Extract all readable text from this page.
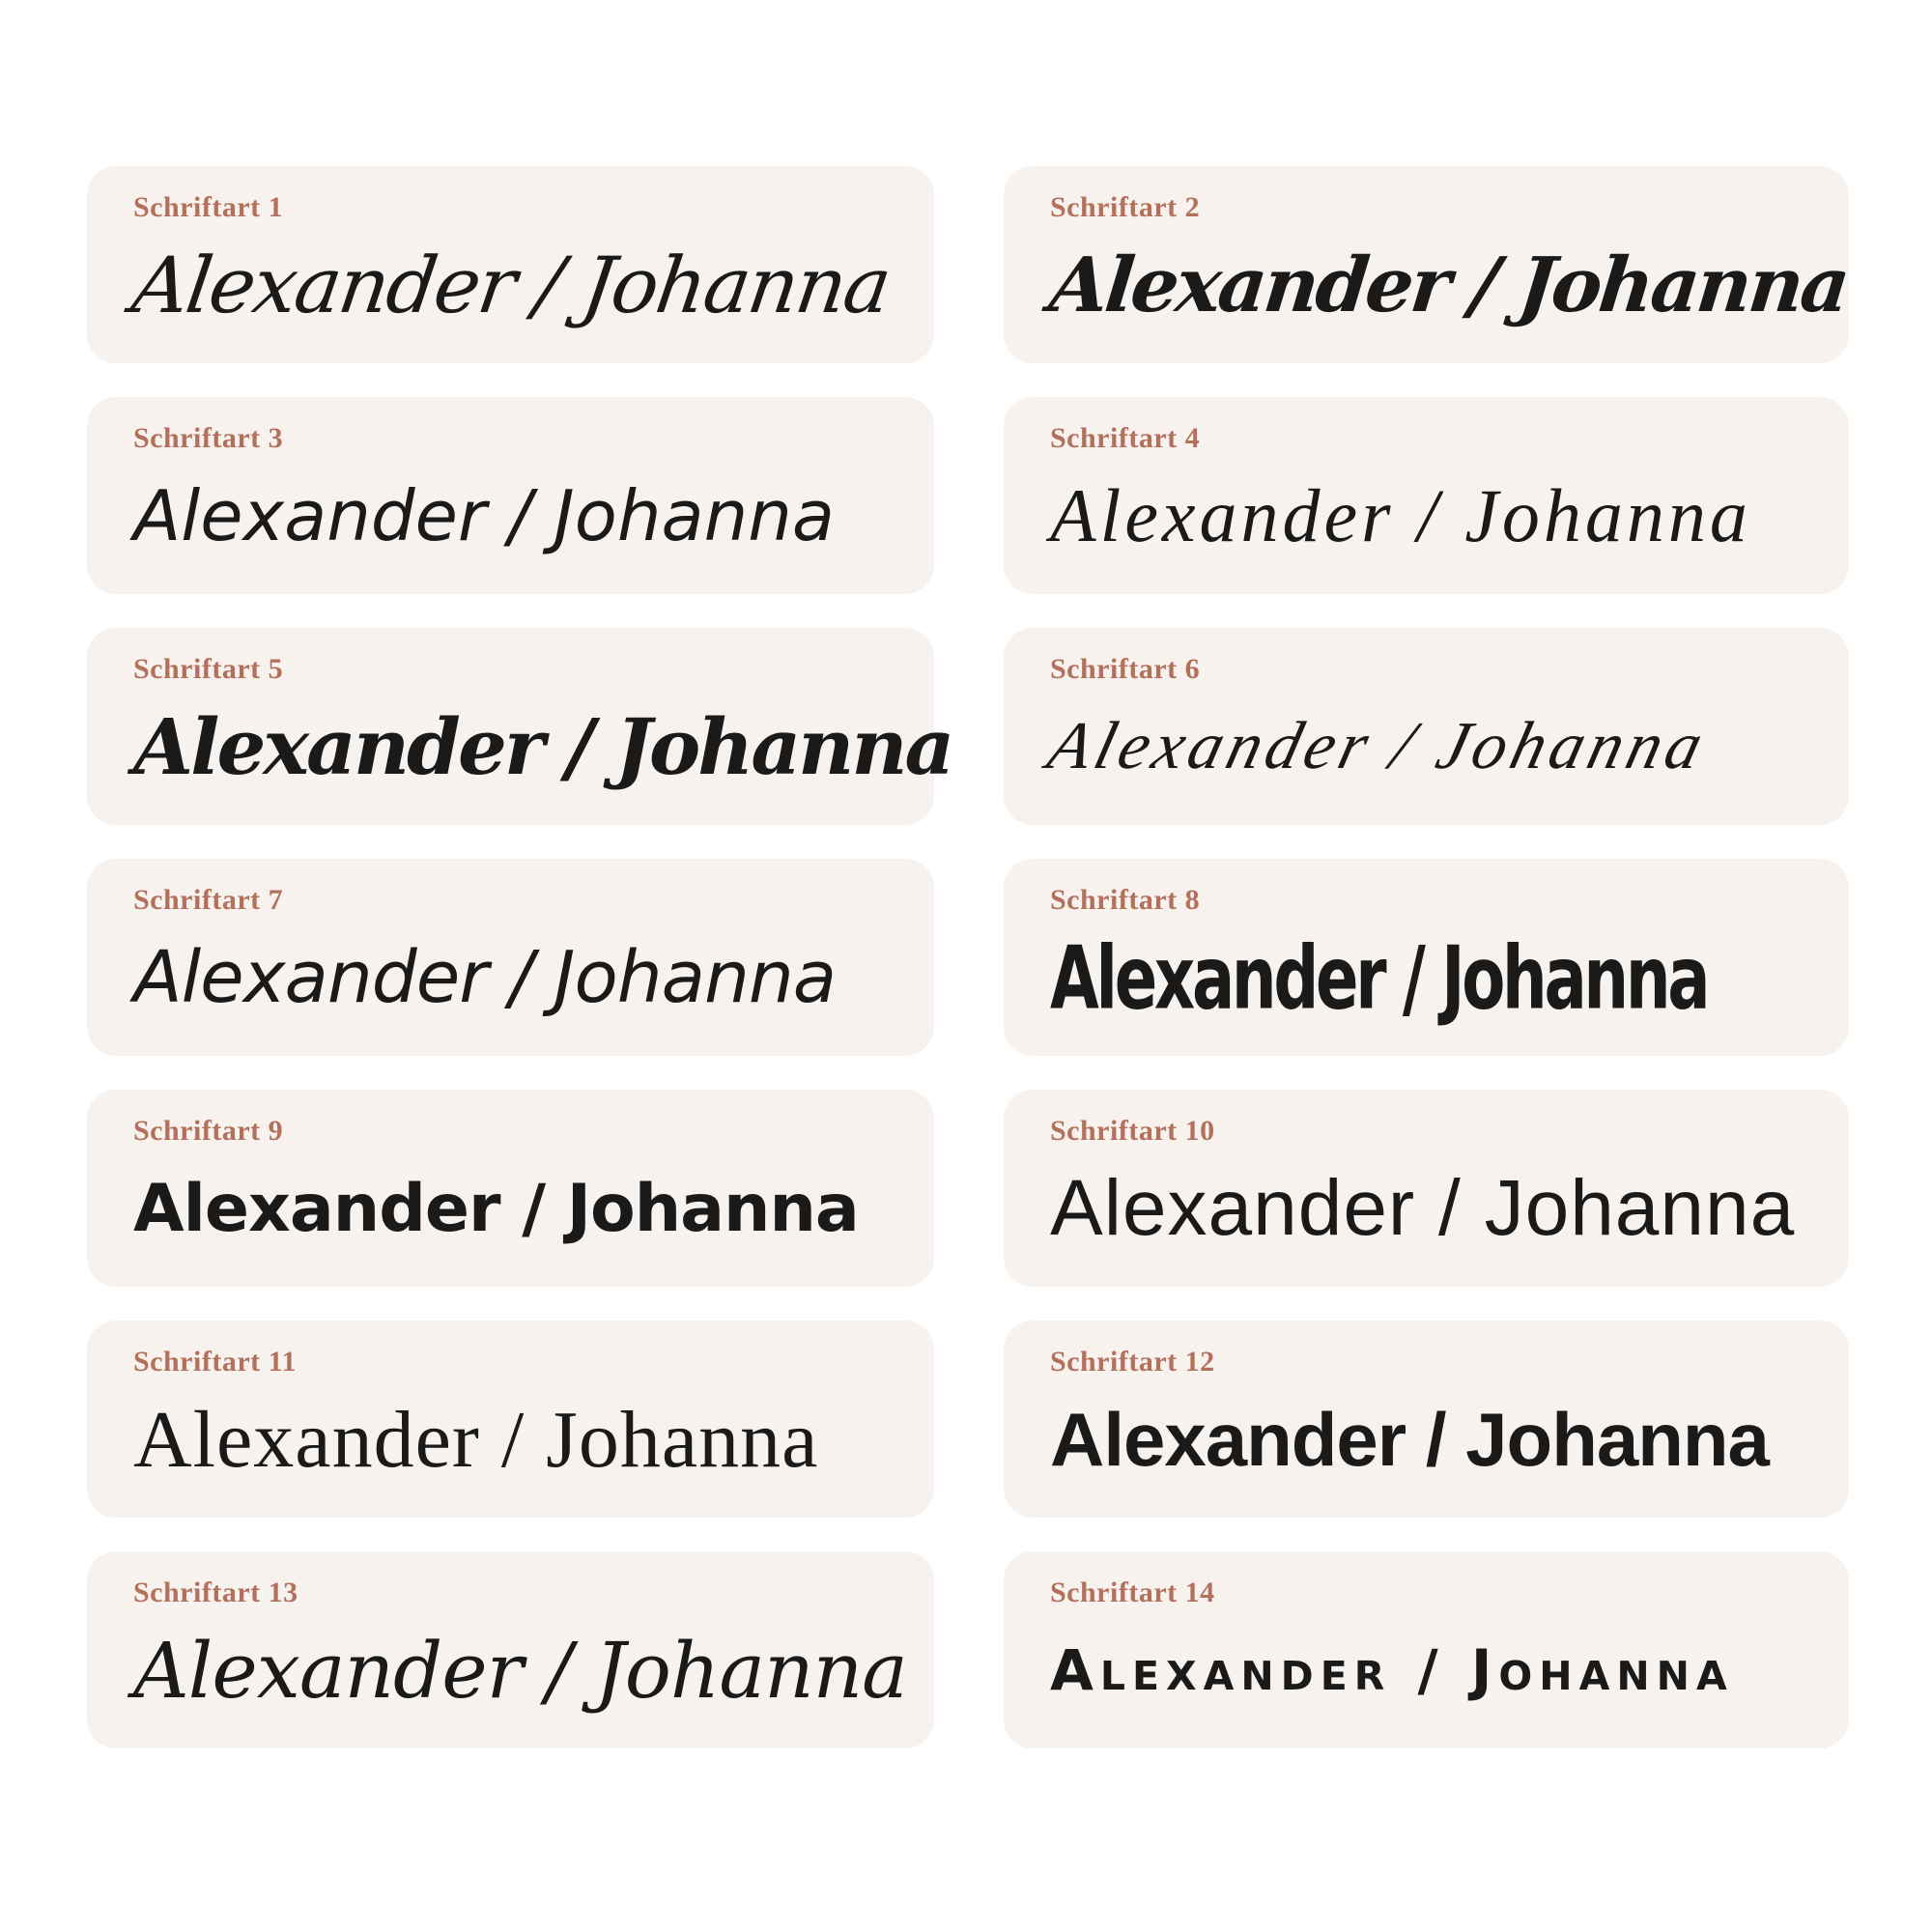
Schriftart 1
Alexander / Johanna
Schriftart 2
Alexander / Johanna
Schriftart 3
Alexander / Johanna
Schriftart 4
Alexander / Johanna
Schriftart 5
Alexander / Johanna
Schriftart 6
Alexander / Johanna
Schriftart 7
Alexander / Johanna
Schriftart 8
Alexander / Johanna
Schriftart 9
Alexander / Johanna
Schriftart 10
Alexander / Johanna
Schriftart 11
Alexander / Johanna
Schriftart 12
Alexander / Johanna
Schriftart 13
Alexander / Johanna
Schriftart 14
Alexander / Johanna
